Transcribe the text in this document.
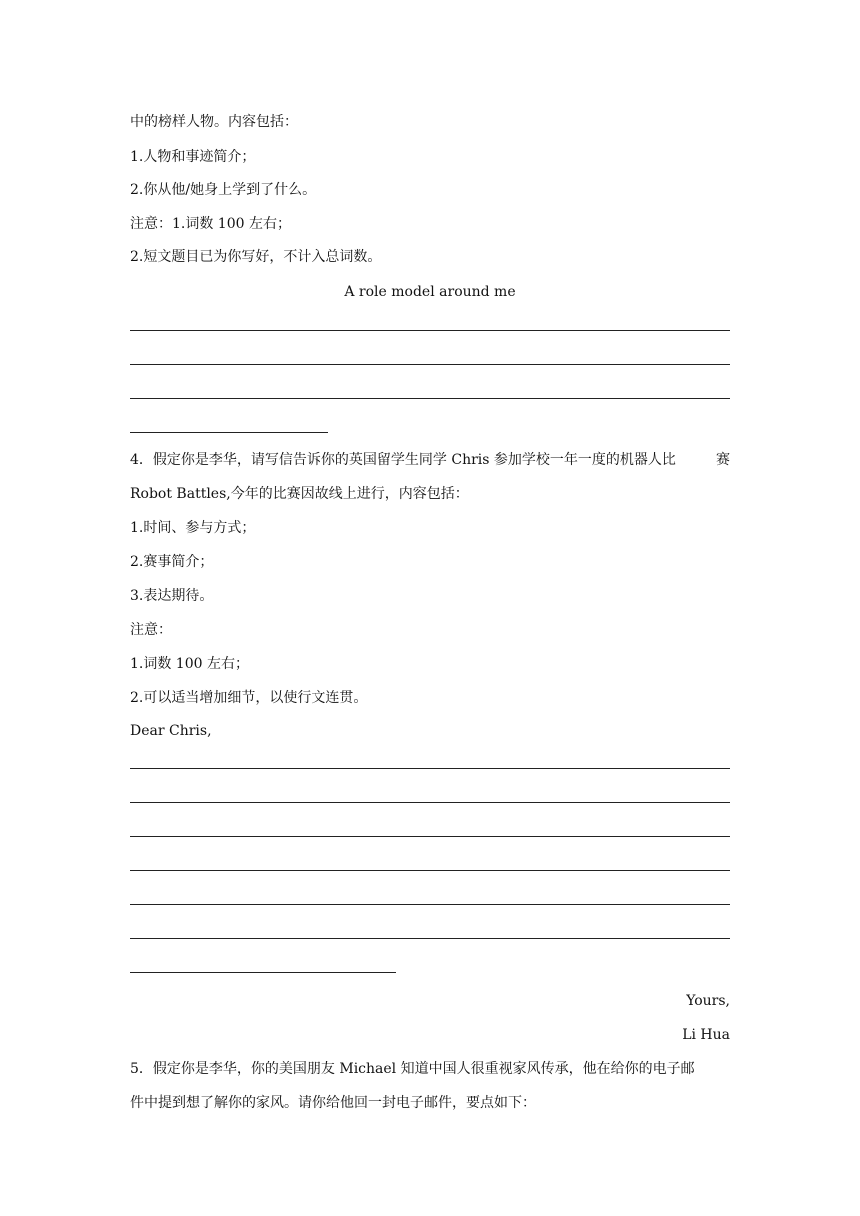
中的榜样人物。内容包括：
1.人物和事迹简介；
2.你从他/她身上学到了什么。
注意：1.词数 100 左右；
2.短文题目已为你写好，不计入总词数。
A role model around me
4．假定你是李华，请写信告诉你的英国留学生同学 Chris 参加学校一年一度的机器人比	赛
Robot Battles,今年的比赛因故线上进行，内容包括：
1.时间、参与方式；
2.赛事简介；
3.表达期待。
注意：
1.词数 100 左右；
2.可以适当增加细节，以使行文连贯。
Dear Chris,
Yours,
Li Hua
5．假定你是李华，你的美国朋友 Michael 知道中国人很重视家风传承，他在给你的电子邮
件中提到想了解你的家风。请你给他回一封电子邮件，要点如下：
